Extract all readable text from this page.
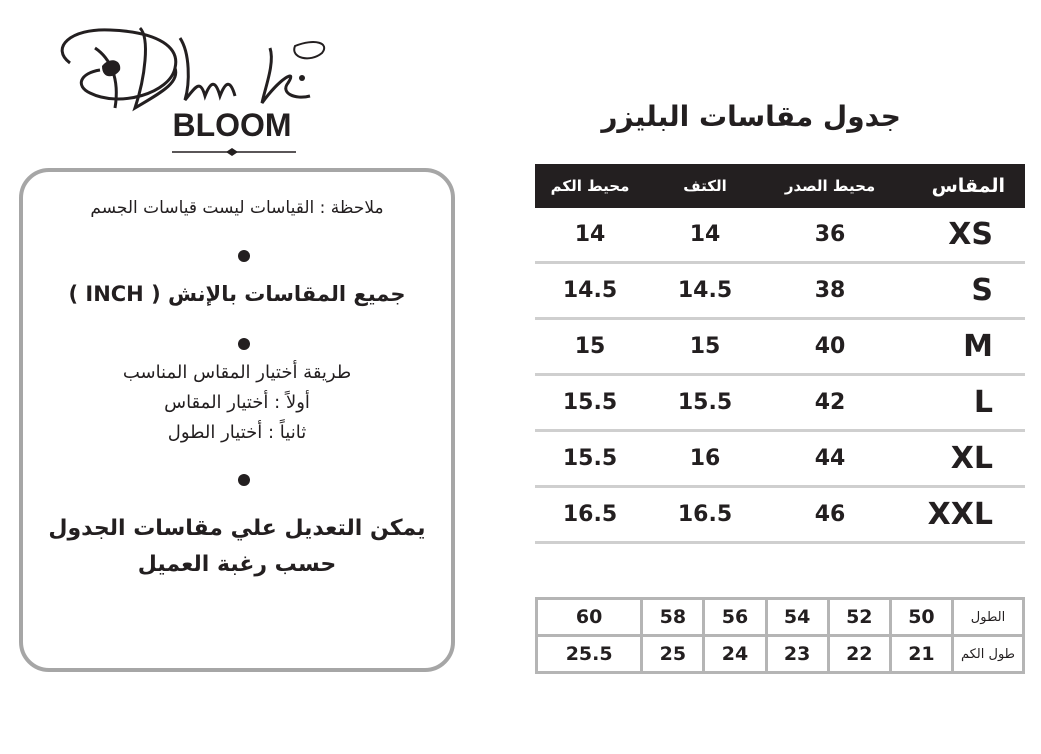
BLOOM	جدول مقاسات البليزر
المقاس	محيط الصدر	الكتف	محيط الكم
XS	36	14	14
S	38	14.5	14.5
M	40	15	15
L	42	15.5	15.5
XL	44	16	15.5
XXL	46	16.5	16.5
الطول	50	52	54	56	58	60
طول الكم	21	22	23	24	25	25.5
ملاحظة : القياسات ليست قياسات الجسم
جميع المقاسات بالإنش ( INCH )
طريقة أختيار المقاس المناسب
أولاً : أختيار المقاس
ثانياً : أختيار الطول
يمكن التعديل علي مقاسات الجدول
حسب رغبة العميل
